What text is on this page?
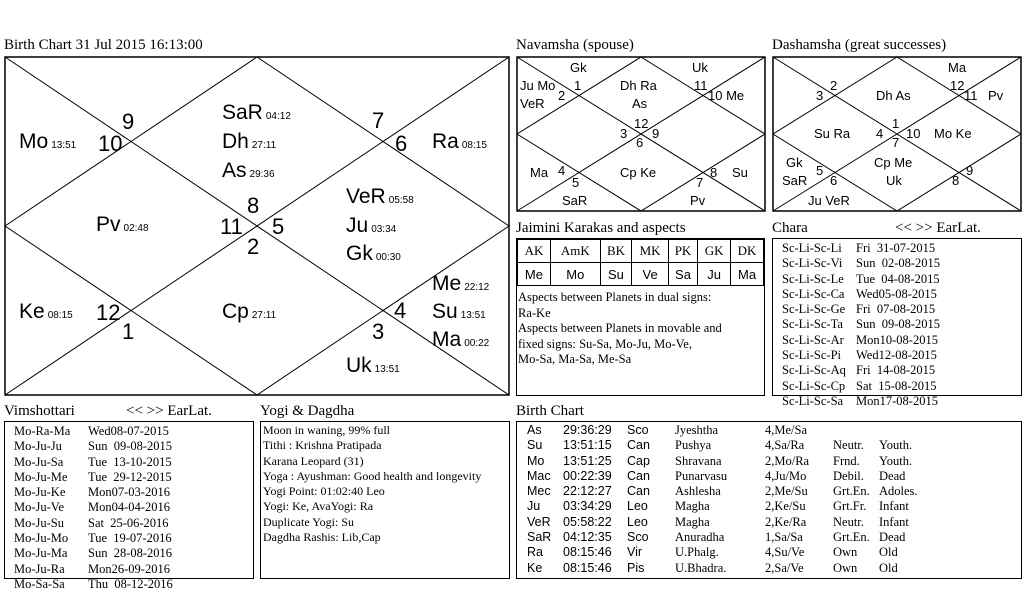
Birth Chart 31 Jul 2015 16:13:00
9
10
7
6
8
11 5
2
12
1
4
3
SaR 04:12
Dh 27:11
As 29:36
Mo 13:51	Ra 08:15
Pv 02:48
VeR 05:58
Ju 03:34
Gk 00:30
Ke 08:15	Cp 27:11
Me 22:12
Su 13:51
Ma 00:22
Uk 13:51
Navamsha (spouse)
Gk	Uk
Ju Mo
VeR
2
1	Dh Ra
As
11
10 Me
12
3 9
6
Ma 4
5
SaR
Cp Ke
7
8 Su
Pv
Dashamsha (great successes)
Ma
3
2
Dh As
12
11 Pv
Su Ra 4
1
10
7
Mo Ke
Gk
SaR
5
6
Cp Me
Uk
9
8
Ju VeR
Jaimini Karakas and aspects
AK	AmK	BK	MK	PK	GK	DK
Me	Mo	Su	Ve	Sa	Ju	Ma
Aspects between Planets in dual signs:
Ra-Ke
Aspects between Planets in movable and
fixed signs: Su-Sa, Mo-Ju, Mo-Ve,
Mo-Sa, Ma-Sa, Me-Sa
Chara	<< >> EarLat.
Sc-Li-Sc-Li Fri  31-07-2015
Sc-Li-Sc-Vi Sun  02-08-2015
Sc-Li-Sc-Le Tue  04-08-2015
Sc-Li-Sc-Ca Wed05-08-2015
Sc-Li-Sc-Ge Fri  07-08-2015
Sc-Li-Sc-Ta Sun  09-08-2015
Sc-Li-Sc-Ar Mon10-08-2015
Sc-Li-Sc-Pi Wed12-08-2015
Sc-Li-Sc-Aq Fri  14-08-2015
Sc-Li-Sc-Cp Sat  15-08-2015
Sc-Li-Sc-Sa Mon17-08-2015
Vimshottari	<< >> EarLat.
Mo-Ra-Ma Wed08-07-2015
Mo-Ju-Ju Sun  09-08-2015
Mo-Ju-Sa Tue  13-10-2015
Mo-Ju-Me Tue  29-12-2015
Mo-Ju-Ke Mon07-03-2016
Mo-Ju-Ve Mon04-04-2016
Mo-Ju-Su Sat  25-06-2016
Mo-Ju-Mo Tue  19-07-2016
Mo-Ju-Ma Sun  28-08-2016
Mo-Ju-Ra Mon26-09-2016
Mo-Sa-Sa Thu  08-12-2016
Yogi & Dagdha
Moon in waning, 99% full
Tithi : Krishna Pratipada
Karana Leopard (31)
Yoga : Ayushman: Good health and longevity
Yogi Point: 01:02:40 Leo
Yogi: Ke, AvaYogi: Ra
Duplicate Yogi: Su
Dagdha Rashis: Lib,Cap
Birth Chart
As	29:36:29	Sco	Jyeshtha	4,Me/Sa		
Su	13:51:15	Can	Pushya	4,Sa/Ra	Neutr.	Youth.
Mo	13:51:25	Cap	Shravana	2,Mo/Ra	Frnd.	Youth.
Mac	00:22:39	Can	Punarvasu	4,Ju/Mo	Debil.	Dead
Mec	22:12:27	Can	Ashlesha	2,Me/Su	Grt.En.	Adoles.
Ju	03:34:29	Leo	Magha	2,Ke/Su	Grt.Fr.	Infant
VeR	05:58:22	Leo	Magha	2,Ke/Ra	Neutr.	Infant
SaR	04:12:35	Sco	Anuradha	1,Sa/Sa	Grt.En.	Dead
Ra	08:15:46	Vir	U.Phalg.	4,Su/Ve	Own	Old
Ke	08:15:46	Pis	U.Bhadra.	2,Sa/Ve	Own	Old
